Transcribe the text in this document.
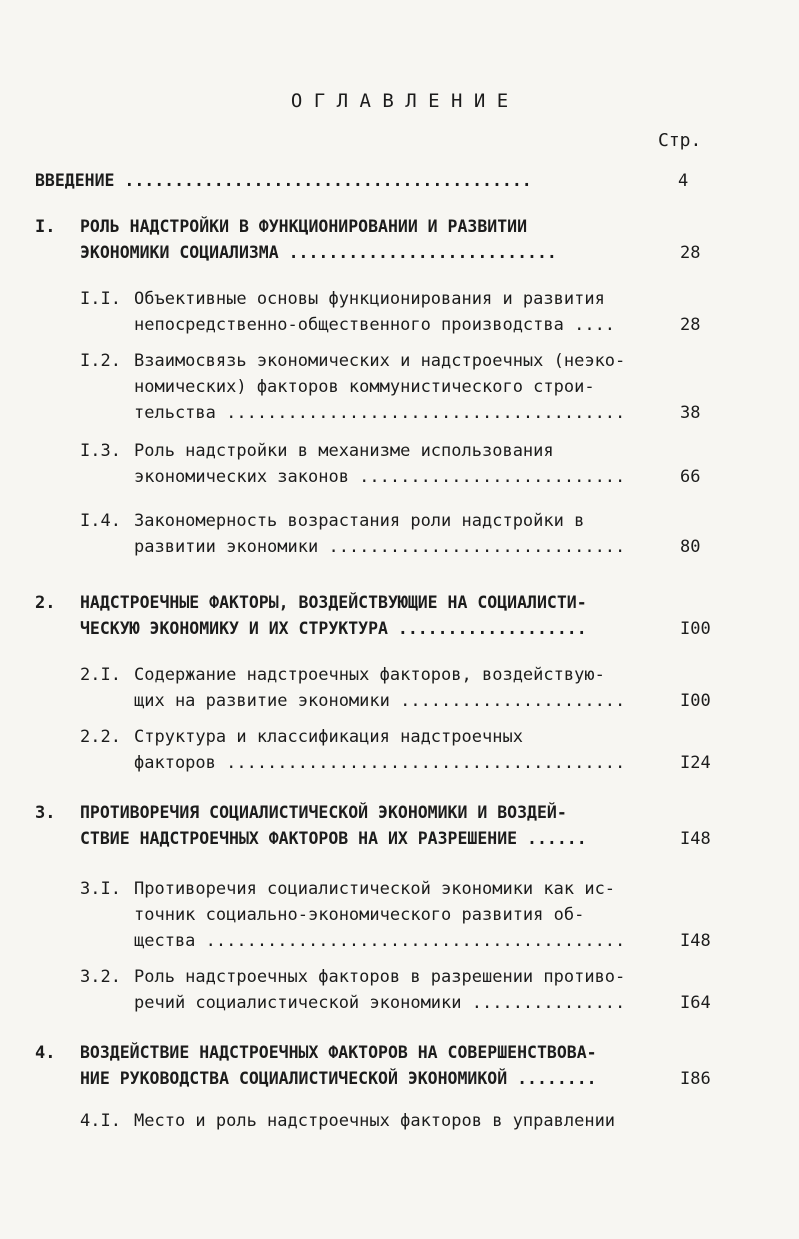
О Г Л А В Л Е Н И Е
Стр.
ВВЕДЕНИЕ .........................................	4
I.	РОЛЬ НАДСТРОЙКИ В ФУНКЦИОНИРОВАНИИ И РАЗВИТИИ
ЭКОНОМИКИ СОЦИАЛИЗМА ...........................	28
I.I. Объективные основы функционирования и развития
непосредственно-общественного производства ....	28
I.2. Взаимосвязь экономических и надстроечных (неэко-
номических) факторов коммунистического строи-
тельства .......................................	38
I.3. Роль надстройки в механизме использования
экономических законов ..........................	66
I.4. Закономерность возрастания роли надстройки в
развитии экономики .............................	80
2.	НАДСТРОЕЧНЫЕ ФАКТОРЫ, ВОЗДЕЙСТВУЮЩИЕ НА СОЦИАЛИСТИ-
ЧЕСКУЮ ЭКОНОМИКУ И ИХ СТРУКТУРА ...................	I00
2.I. Содержание надстроечных факторов, воздействую-
щих на развитие экономики ......................	I00
2.2. Структура и классификация надстроечных
факторов .......................................	I24
3.	ПРОТИВОРЕЧИЯ СОЦИАЛИСТИЧЕСКОЙ ЭКОНОМИКИ И ВОЗДЕЙ-
СТВИЕ НАДСТРОЕЧНЫХ ФАКТОРОВ НА ИХ РАЗРЕШЕНИЕ ......	I48
3.I. Противоречия социалистической экономики как ис-
точник социально-экономического развития об-
щества .........................................	I48
3.2. Роль надстроечных факторов в разрешении противо-
речий социалистической экономики ...............	I64
4.	ВОЗДЕЙСТВИЕ НАДСТРОЕЧНЫХ ФАКТОРОВ НА СОВЕРШЕНСТВОВА-
НИЕ РУКОВОДСТВА СОЦИАЛИСТИЧЕСКОЙ ЭКОНОМИКОЙ ........	I86
4.I. Место и роль надстроечных факторов в управлении
